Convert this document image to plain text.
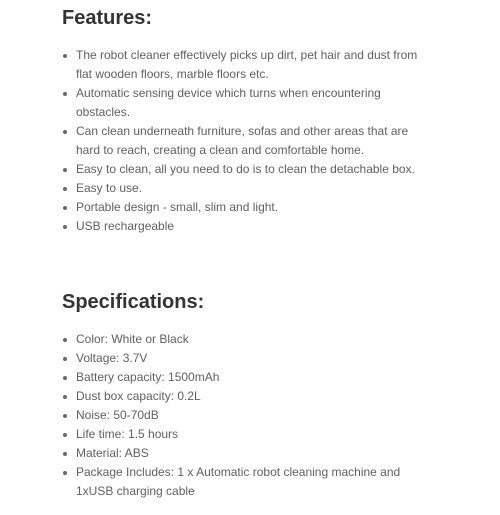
Features:
The robot cleaner effectively picks up dirt, pet hair and dust from flat wooden floors, marble floors etc.
Automatic sensing device which turns when encountering obstacles.
Can clean underneath furniture, sofas and other areas that are hard to reach, creating a clean and comfortable home.
Easy to clean, all you need to do is to clean the detachable box.
Easy to use.
Portable design - small, slim and light.
USB rechargeable
Specifications:
Color: White or Black
Voltage: 3.7V
Battery capacity: 1500mAh
Dust box capacity: 0.2L
Noise: 50-70dB
Life time: 1.5 hours
Material: ABS
Package Includes: 1 x Automatic robot cleaning machine and 1xUSB charging cable
